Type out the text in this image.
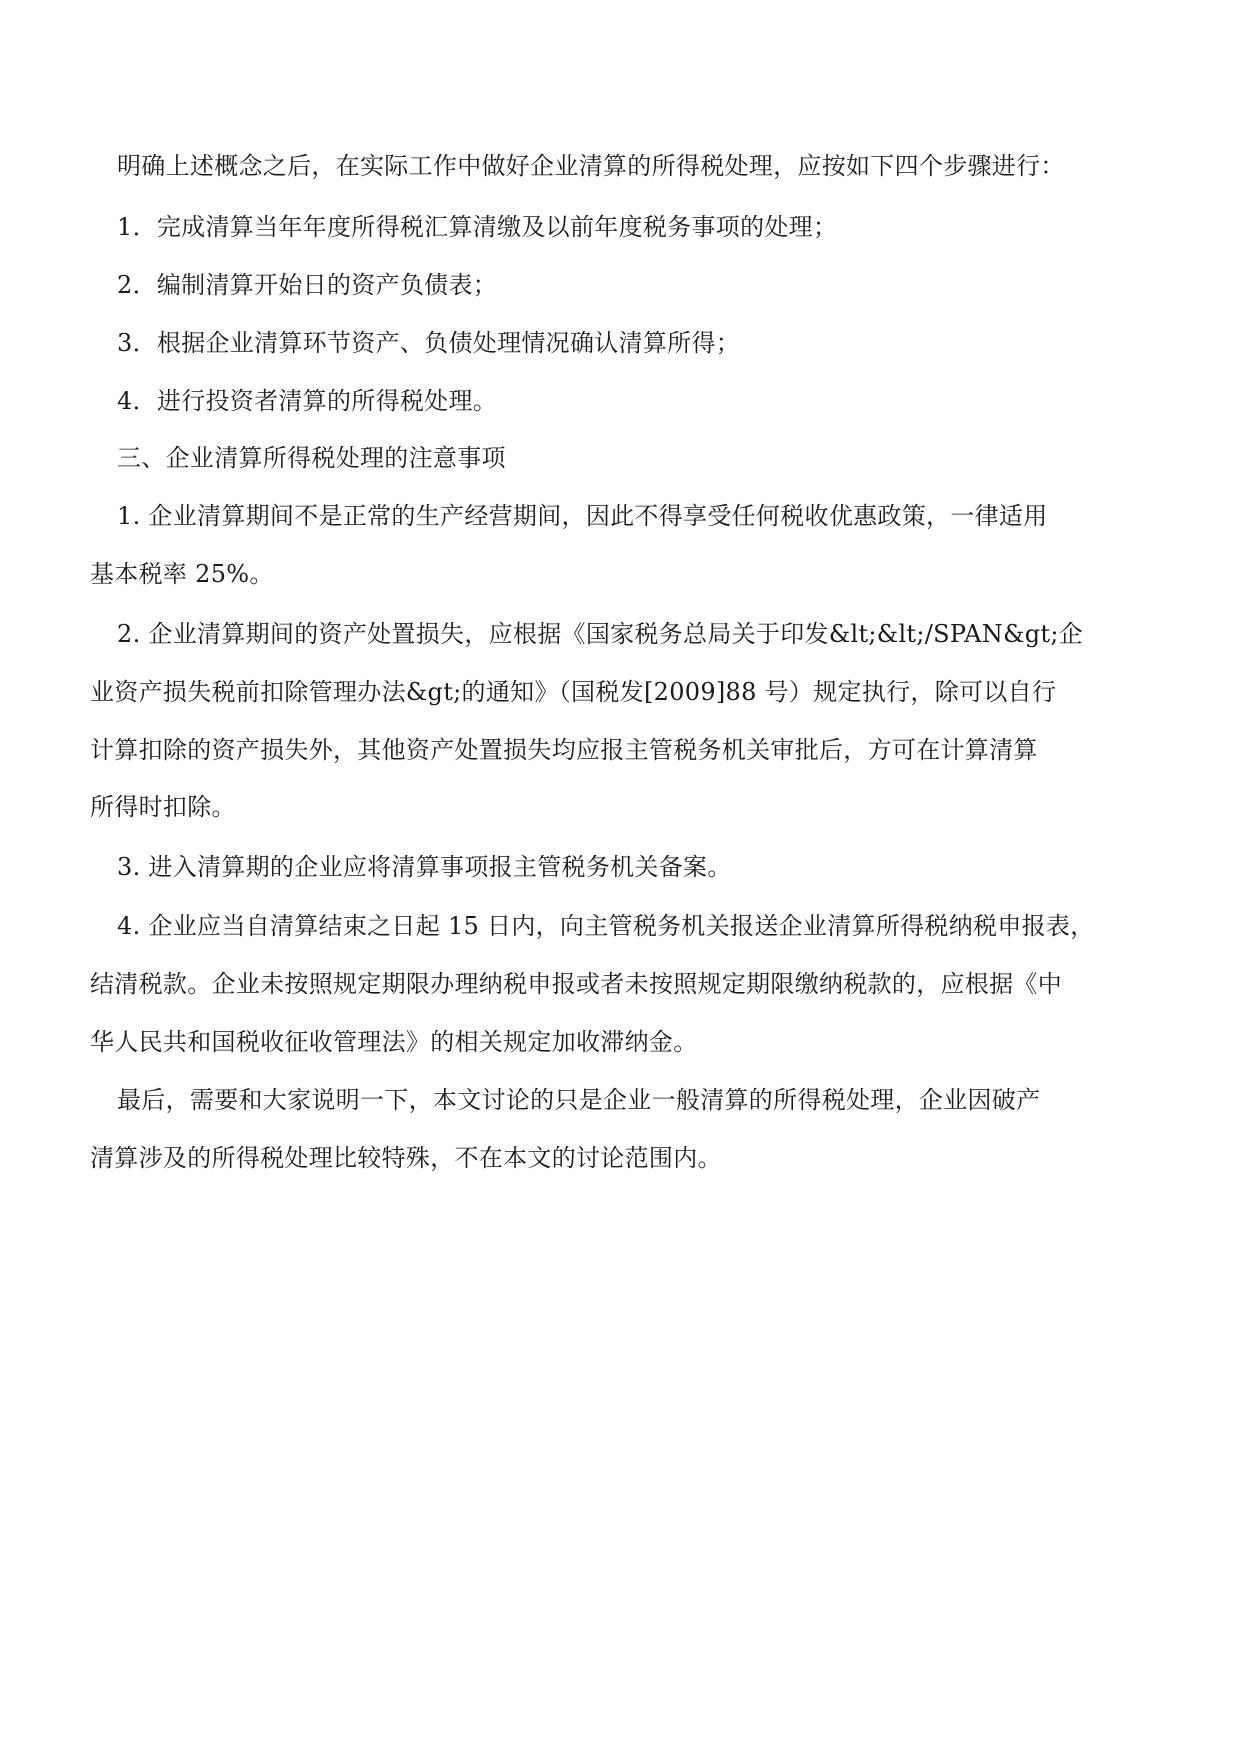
明确上述概念之后，在实际工作中做好企业清算的所得税处理，应按如下四个步骤进行：
1．完成清算当年年度所得税汇算清缴及以前年度税务事项的处理；
2．编制清算开始日的资产负债表；
3．根据企业清算环节资产、负债处理情况确认清算所得；
4．进行投资者清算的所得税处理。
三、企业清算所得税处理的注意事项
1. 企业清算期间不是正常的生产经营期间，因此不得享受任何税收优惠政策，一律适用
基本税率 25%。
2. 企业清算期间的资产处置损失，应根据《国家税务总局关于印发&lt;&lt;/SPAN&gt;企
业资产损失税前扣除管理办法&gt;的通知》（国税发[2009]88 号）规定执行，除可以自行
计算扣除的资产损失外，其他资产处置损失均应报主管税务机关审批后，方可在计算清算
所得时扣除。
3. 进入清算期的企业应将清算事项报主管税务机关备案。
4. 企业应当自清算结束之日起 15 日内，向主管税务机关报送企业清算所得税纳税申报表，
结清税款。企业未按照规定期限办理纳税申报或者未按照规定期限缴纳税款的，应根据《中
华人民共和国税收征收管理法》的相关规定加收滞纳金。
最后，需要和大家说明一下，本文讨论的只是企业一般清算的所得税处理，企业因破产
清算涉及的所得税处理比较特殊，不在本文的讨论范围内。
